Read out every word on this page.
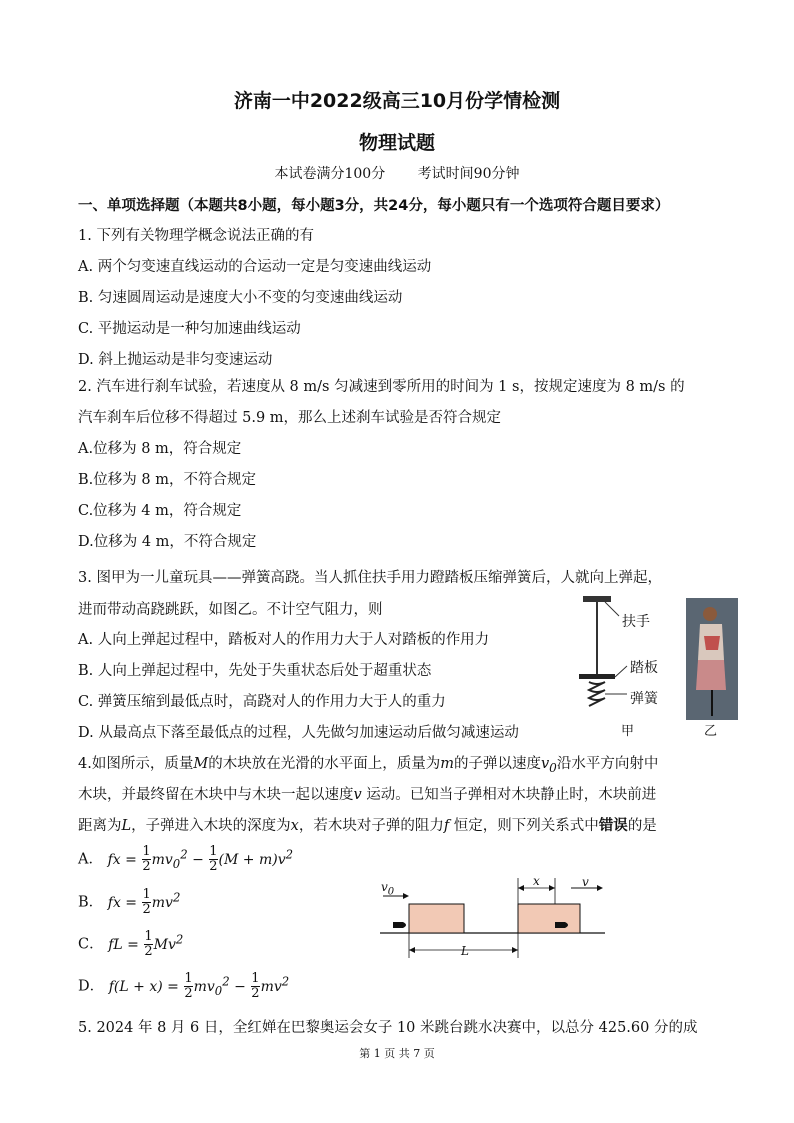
济南一中2022级高三10月份学情检测
物理试题
本试卷满分100分 考试时间90分钟
一、单项选择题（本题共8小题，每小题3分，共24分，每小题只有一个选项符合题目要求）
1. 下列有关物理学概念说法正确的有
A. 两个匀变速直线运动的合运动一定是匀变速曲线运动
B. 匀速圆周运动是速度大小不变的匀变速曲线运动
C. 平抛运动是一种匀加速曲线运动
D. 斜上抛运动是非匀变速运动
2. 汽车进行刹车试验，若速度从 8 m/s 匀减速到零所用的时间为 1 s，按规定速度为 8 m/s 的
汽车刹车后位移不得超过 5.9 m，那么上述刹车试验是否符合规定
A.位移为 8 m，符合规定
B.位移为 8 m，不符合规定
C.位移为 4 m，符合规定
D.位移为 4 m，不符合规定
3. 图甲为一儿童玩具——弹簧高跷。当人抓住扶手用力蹬踏板压缩弹簧后，人就向上弹起，
进而带动高跷跳跃，如图乙。不计空气阻力，则
A. 人向上弹起过程中，踏板对人的作用力大于人对踏板的作用力
B. 人向上弹起过程中，先处于失重状态后处于超重状态
C. 弹簧压缩到最低点时，高跷对人的作用力大于人的重力
D. 从最高点下落至最低点的过程，人先做匀加速运动后做匀减速运动
扶手
踏板
弹簧
甲	乙
4.如图所示，质量M的木块放在光滑的水平面上，质量为m的子弹以速度$v_0$沿水平方向射中
木块，并最终留在木块中与木块一起以速度v 运动。已知当子弹相对木块静止时，木块前进
距离为L，子弹进入木块的深度为x，若木块对子弹的阻力f 恒定，则下列关系式中错误的是
A． fx = $\frac{1}{2} mv_0^2 - \frac{1}{2} (M + m)v^2$
B． fx = $\frac{1}{2} mv^2$
C． fL = $\frac{1}{2} Mv^2$
D． $f(L + x) = \frac{1}{2} mv_0^2 - \frac{1}{2} mv^2$
$v_0$
x	v
L
5. 2024 年 8 月 6 日，全红婵在巴黎奥运会女子 10 米跳台跳水决赛中，以总分 425.60 分的成
第 1 页 共 7 页
